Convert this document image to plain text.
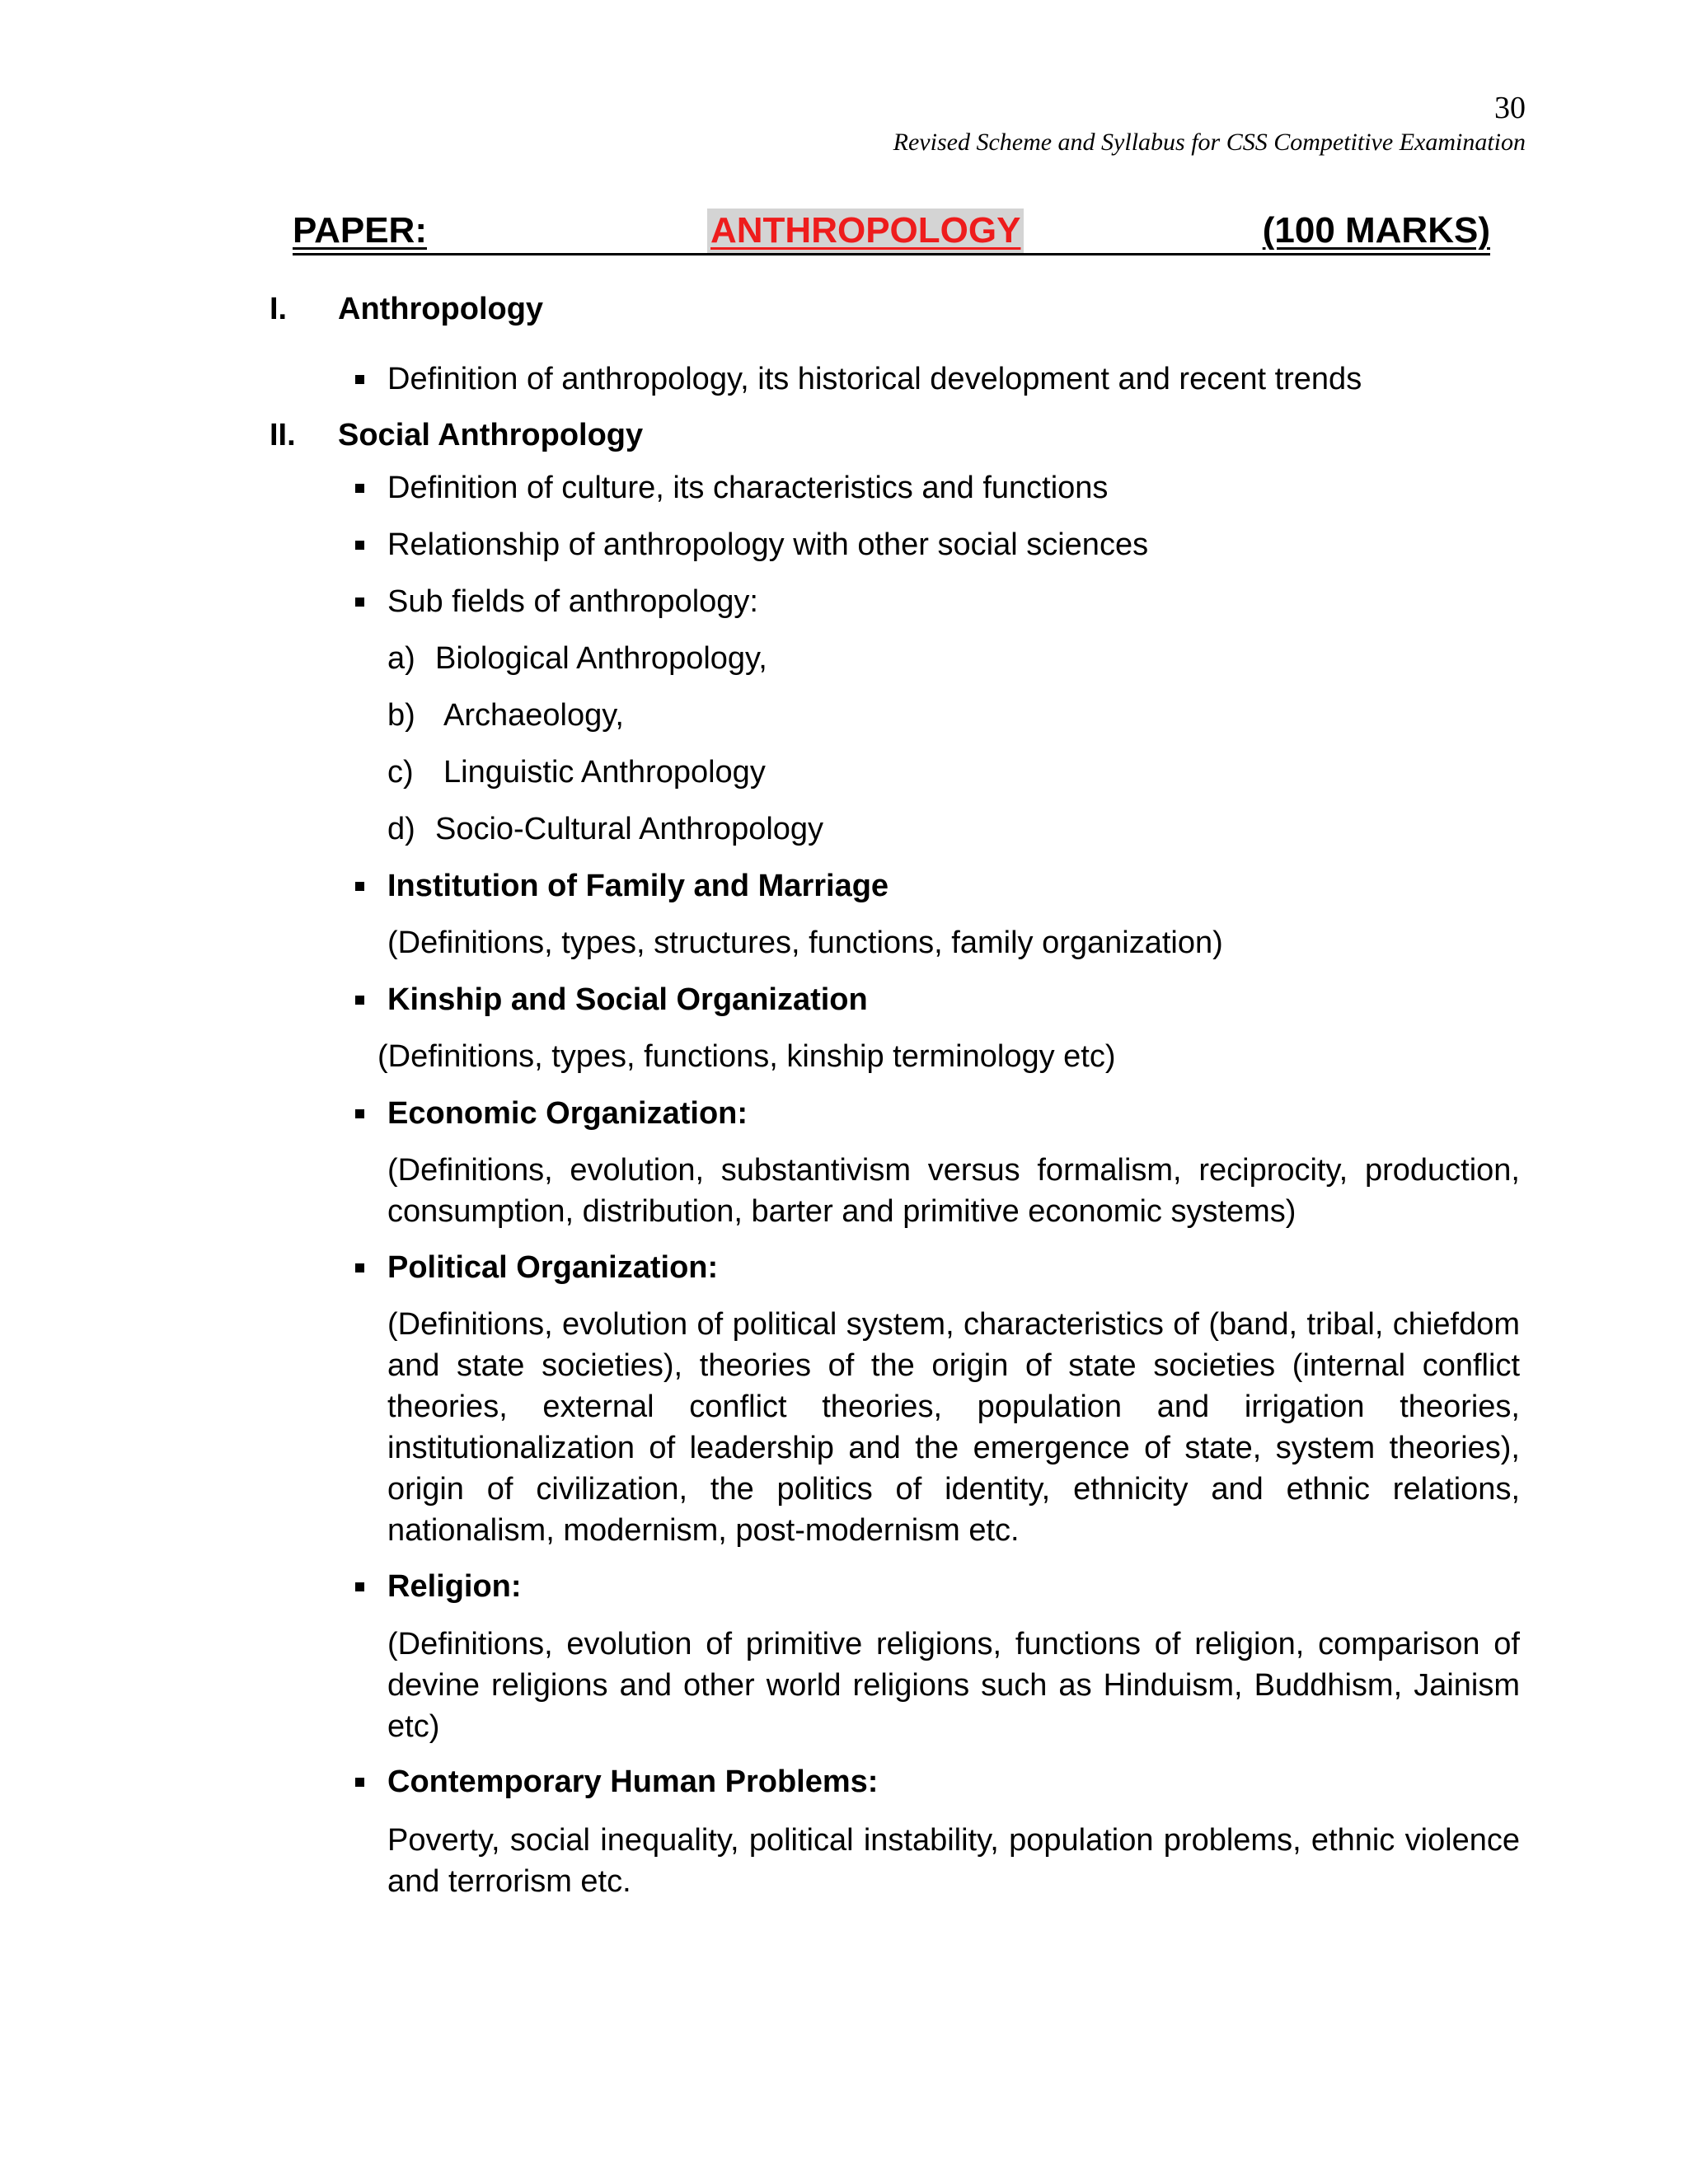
30
Revised Scheme and Syllabus for CSS Competitive Examination
PAPER:	ANTHROPOLOGY	(100 MARKS)
I. Anthropology
Definition of anthropology, its historical development and recent trends
II. Social Anthropology
Definition of culture, its characteristics and functions
Relationship of anthropology with other social sciences
Sub fields of anthropology:
a) Biological Anthropology,
b) Archaeology,
c) Linguistic Anthropology
d) Socio-Cultural Anthropology
Institution of Family and Marriage
(Definitions, types, structures, functions, family organization)
Kinship and Social Organization
(Definitions, types, functions, kinship terminology etc)
Economic Organization:
(Definitions, evolution, substantivism versus formalism, reciprocity, production, consumption, distribution, barter and primitive economic systems)
Political Organization:
(Definitions, evolution of political system, characteristics of (band, tribal, chiefdom and state societies), theories of the origin of state societies (internal conflict theories, external conflict theories, population and irrigation theories, institutionalization of leadership and the emergence of state, system theories), origin of civilization, the politics of identity, ethnicity and ethnic relations, nationalism, modernism, post-modernism etc.
Religion:
(Definitions, evolution of primitive religions, functions of religion, comparison of devine religions and other world religions such as Hinduism, Buddhism, Jainism etc)
Contemporary Human Problems:
Poverty, social inequality, political instability, population problems, ethnic violence and terrorism etc.
